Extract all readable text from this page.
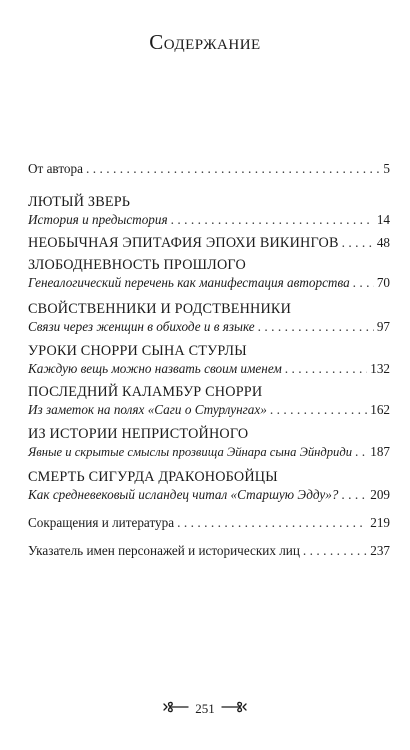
Содержание
От автора . . .	5
ЛЮТЫЙ ЗВЕРЬ
История и предыстория . . .	14
НЕОБЫЧНАЯ ЭПИТАФИЯ ЭПОХИ ВИКИНГОВ . . .	48
ЗЛОБОДНЕВНОСТЬ ПРОШЛОГО
Генеалогический перечень как манифестация авторства . . . 70
СВОЙСТВЕННИКИ И РОДСТВЕННИКИ
Связи через женщин в обиходе и в языке . . .	97
УРОКИ СНОРРИ СЫНА СТУРЛЫ
Каждую вещь можно назвать своим именем . . .	132
ПОСЛЕДНИЙ КАЛАМБУР СНОРРИ
Из заметок на полях «Саги о Стурлунгах» . . .	162
ИЗ ИСТОРИИ НЕПРИСТОЙНОГО
Явные и скрытые смыслы прозвища Эйнара сына Эйндриди . . . 187
СМЕРТЬ СИГУРДА ДРАКОНОБОЙЦЫ
Как средневековый исландец читал «Старшую Эдду»? . . . 209
Сокращения и литература . . .	219
Указатель имен персонажей и исторических лиц . . .	237
251
